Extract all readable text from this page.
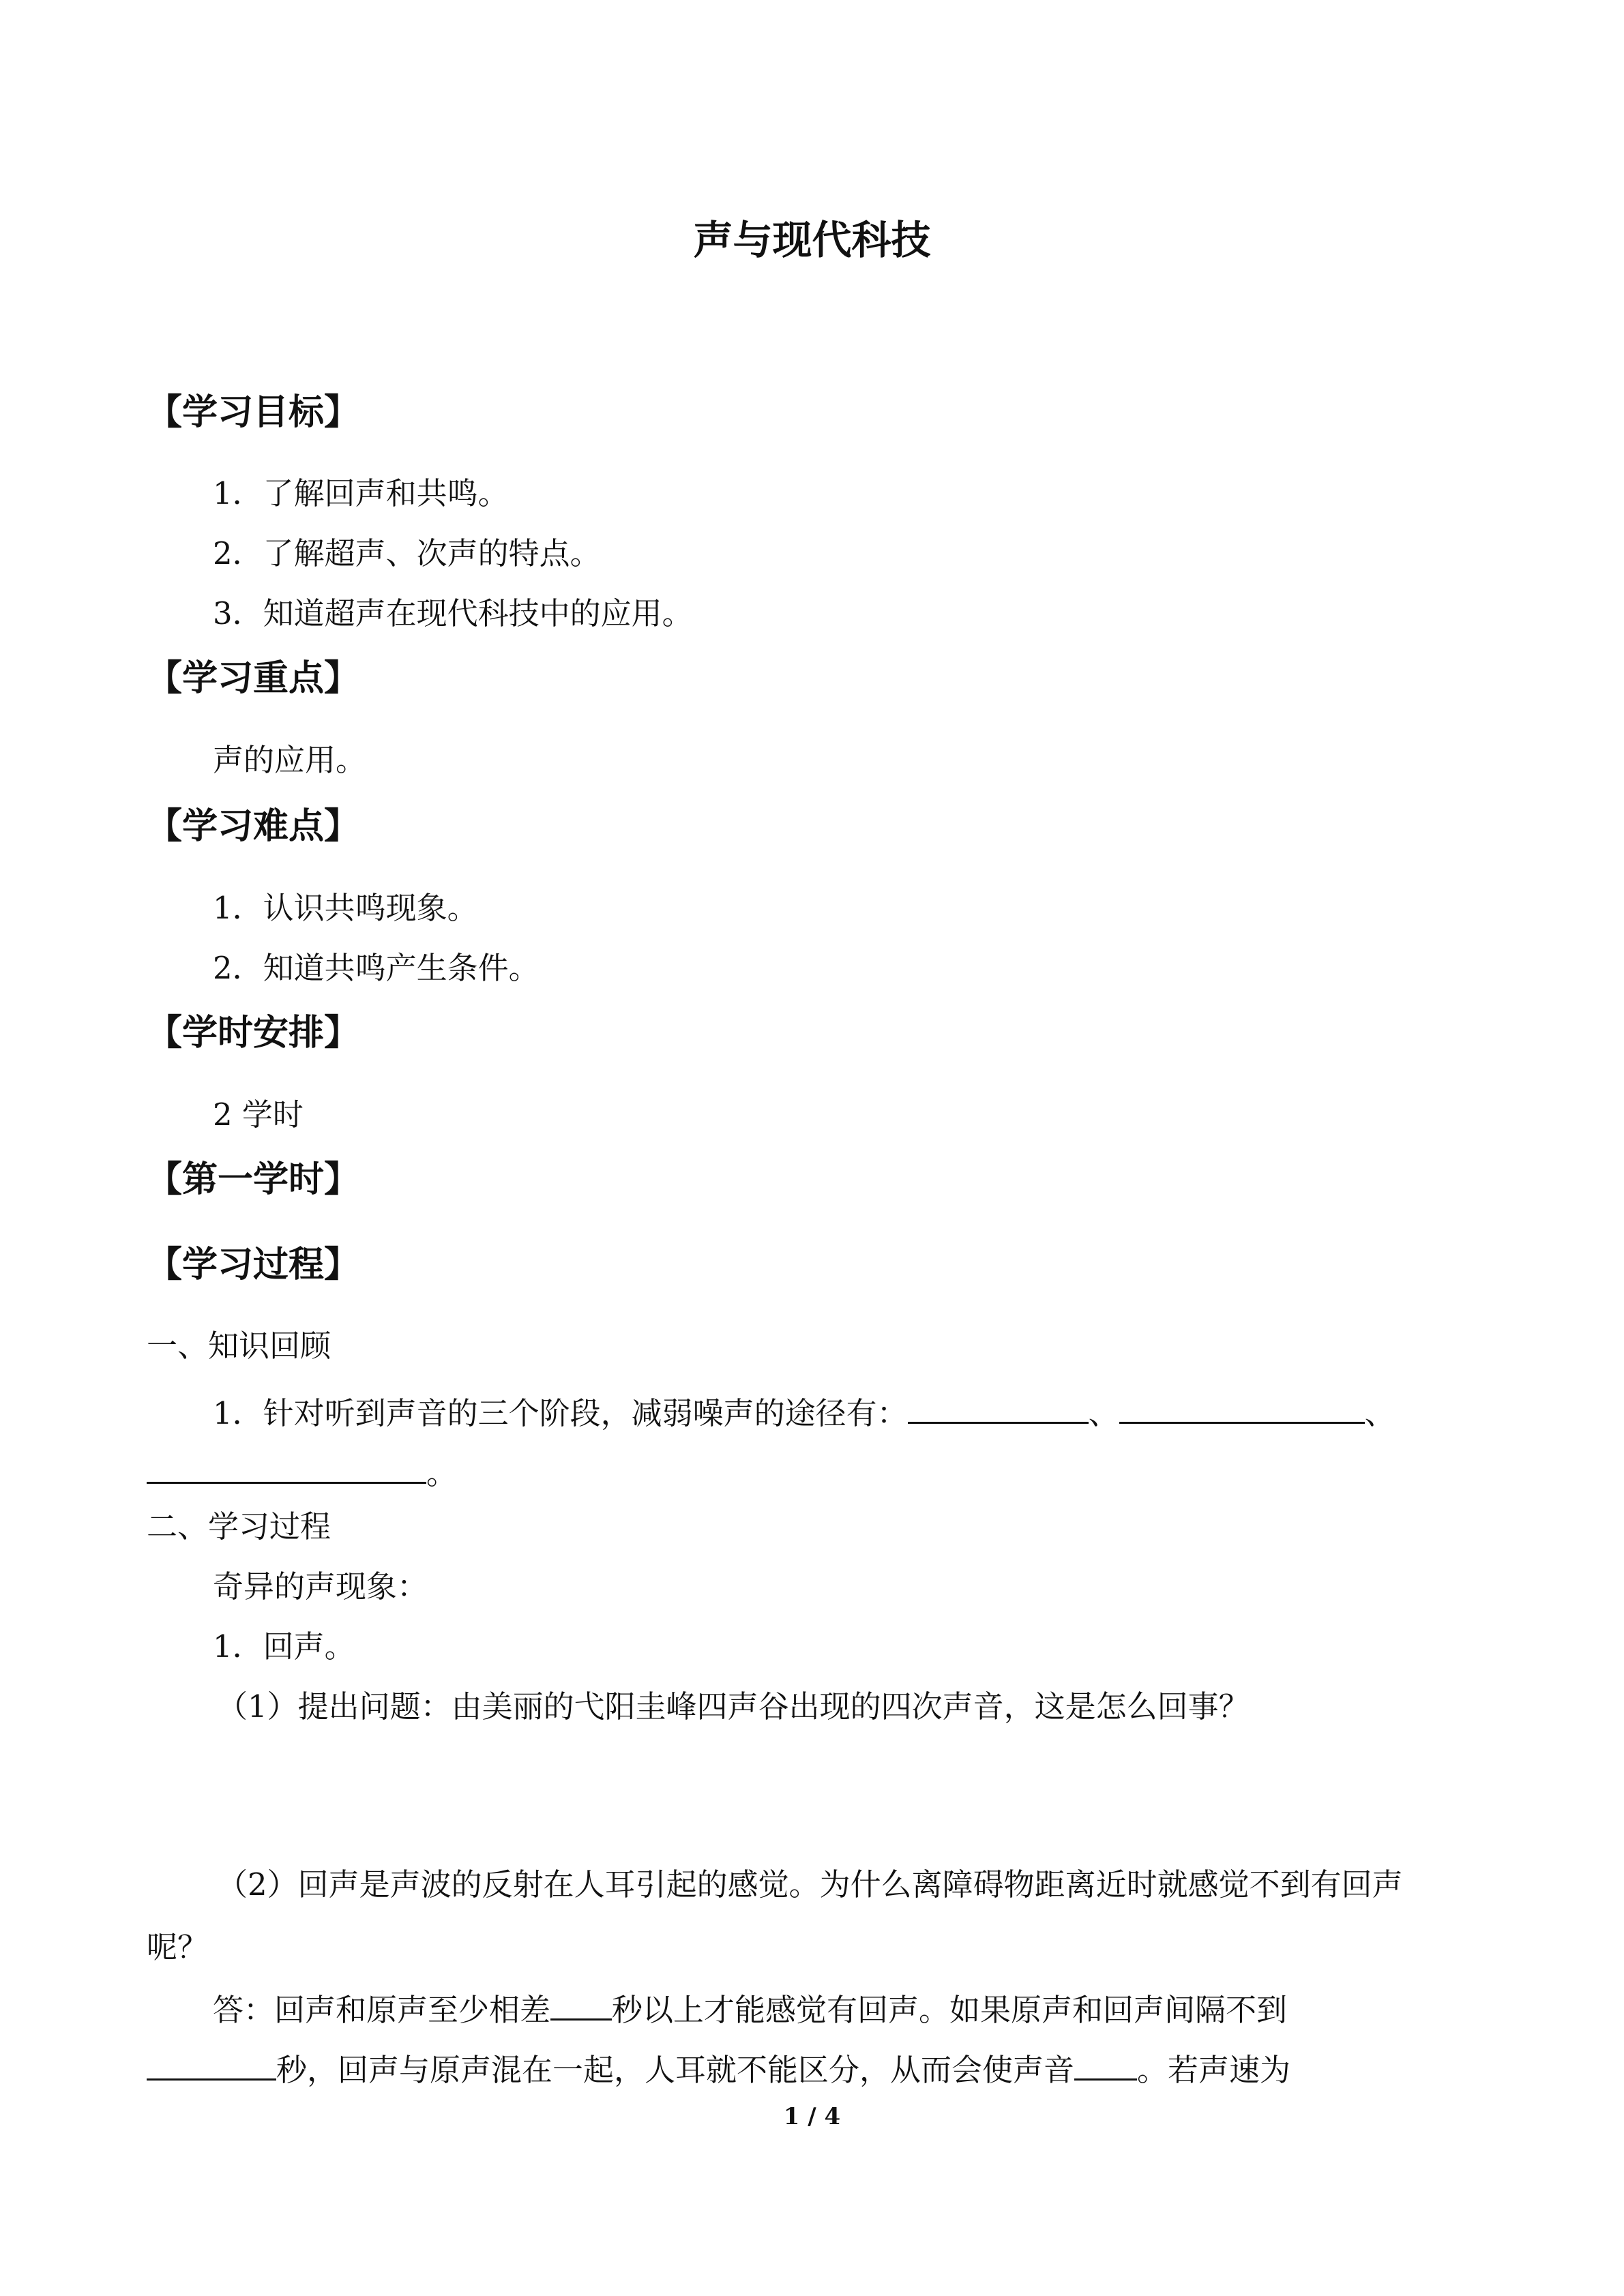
声与现代科技
【学习目标】
1．了解回声和共鸣。
2．了解超声、次声的特点。
3．知道超声在现代科技中的应用。
【学习重点】
声的应用。
【学习难点】
1．认识共鸣现象。
2．知道共鸣产生条件。
【学时安排】
2 学时
【第一学时】
【学习过程】
一、知识回顾
1．针对听到声音的三个阶段，减弱噪声的途径有：	、	、
。
二、学习过程
奇异的声现象：
1．回声。
（1）提出问题：由美丽的弋阳圭峰四声谷出现的四次声音，这是怎么回事？
（2）回声是声波的反射在人耳引起的感觉。为什么离障碍物距离近时就感觉不到有回声
呢？
答：回声和原声至少相差 秒以上才能感觉有回声。如果原声和回声间隔不到
秒，回声与原声混在一起，人耳就不能区分，从而会使声音 。若声速为
1 / 4
